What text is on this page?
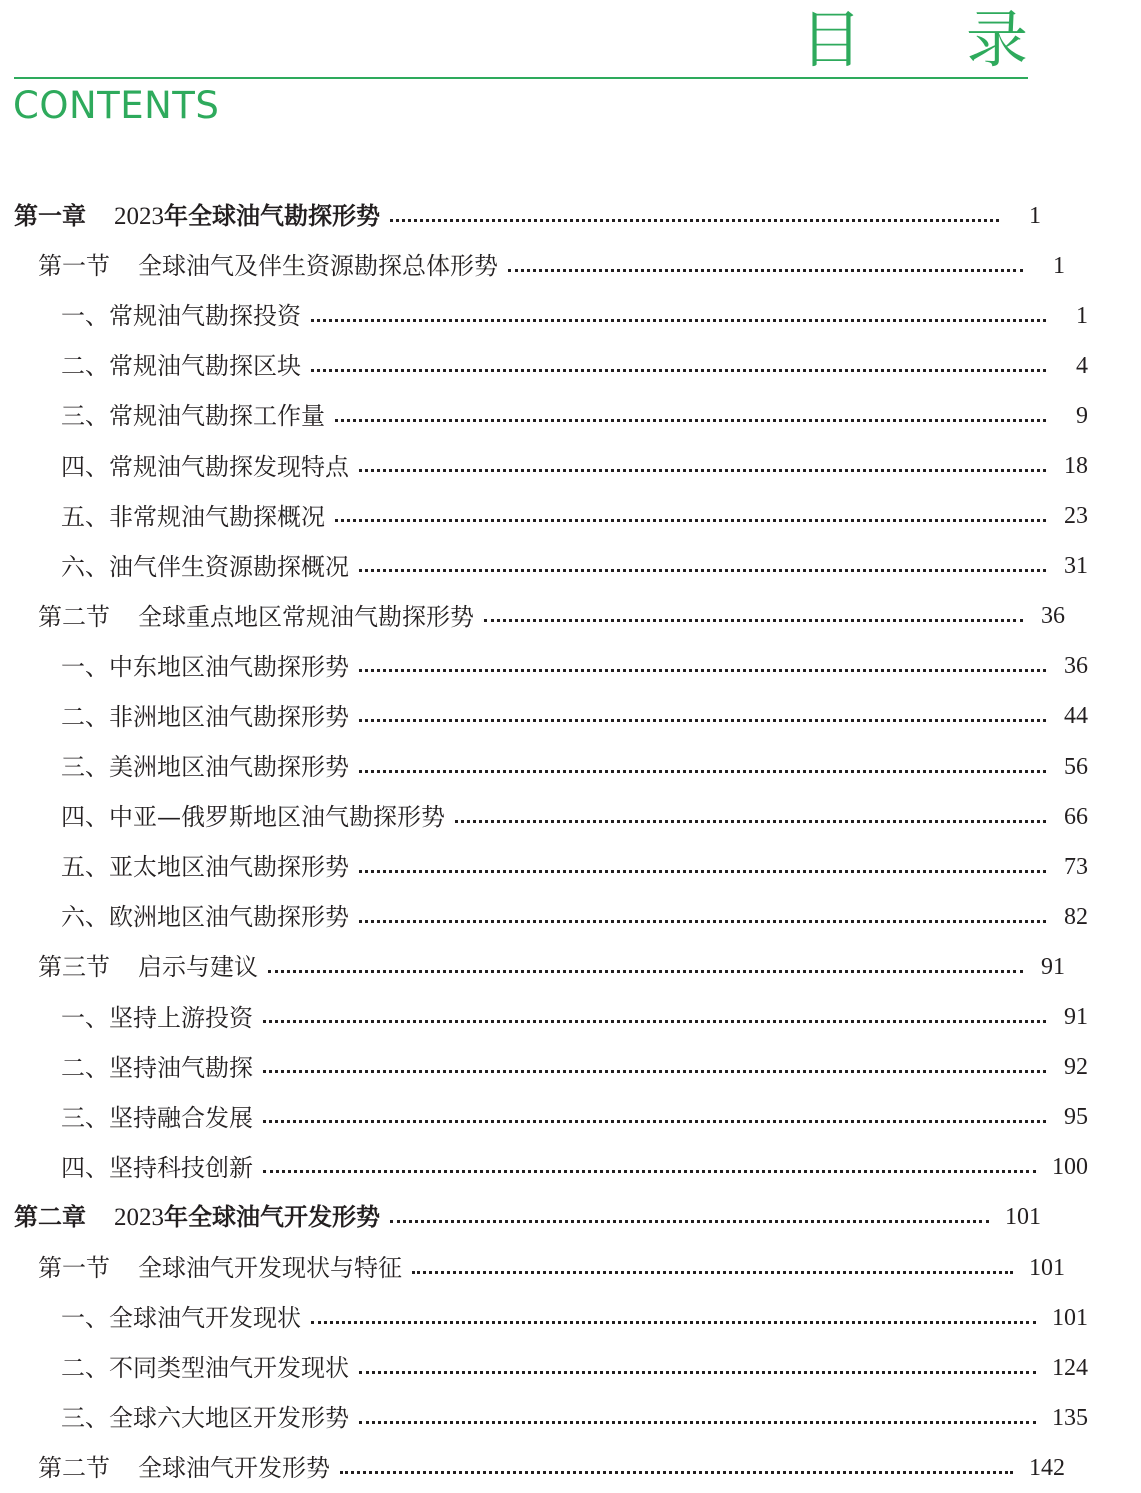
目 录
CONTENTS
第一章 2023年全球油气勘探形势	1
第一节 全球油气及伴生资源勘探总体形势	1
一、常规油气勘探投资	1
二、常规油气勘探区块	4
三、常规油气勘探工作量	9
四、常规油气勘探发现特点	18
五、非常规油气勘探概况	23
六、油气伴生资源勘探概况	31
第二节 全球重点地区常规油气勘探形势	36
一、中东地区油气勘探形势	36
二、非洲地区油气勘探形势	44
三、美洲地区油气勘探形势	56
四、中亚—俄罗斯地区油气勘探形势	66
五、亚太地区油气勘探形势	73
六、欧洲地区油气勘探形势	82
第三节 启示与建议	91
一、坚持上游投资	91
二、坚持油气勘探	92
三、坚持融合发展	95
四、坚持科技创新	100
第二章 2023年全球油气开发形势	101
第一节 全球油气开发现状与特征	101
一、全球油气开发现状	101
二、不同类型油气开发现状	124
三、全球六大地区开发形势	135
第二节 全球油气开发形势	142
